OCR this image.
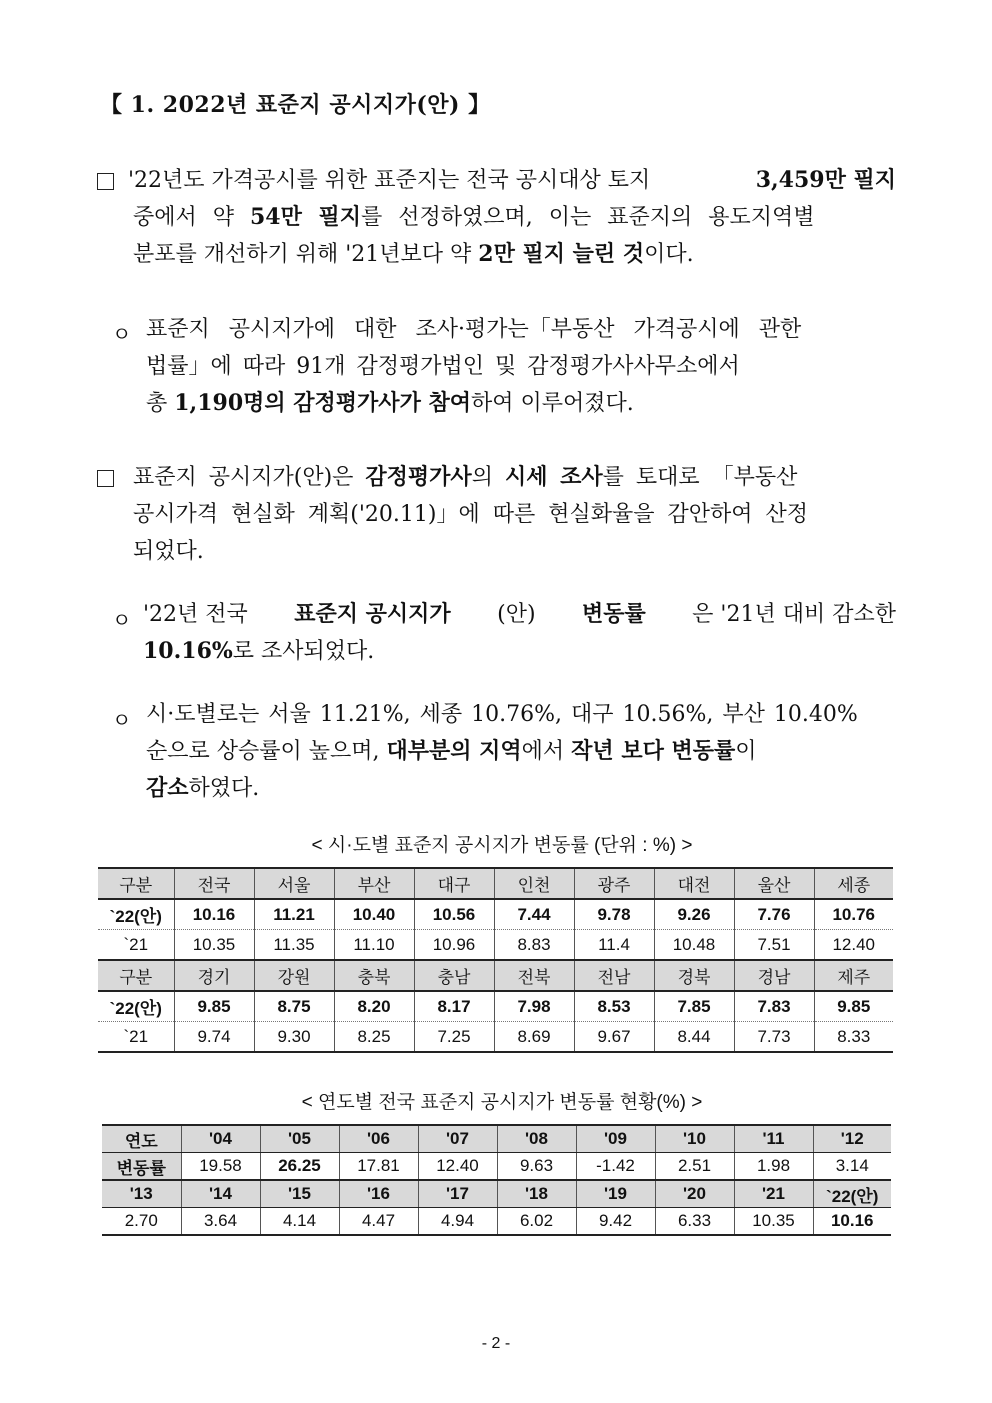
【 1. 2022년 표준지 공시지가(안) 】
'22년도 가격공시를 위한 표준지는 전국 공시대상 토지	3,459만 필지
중에서 약 54만 필지를 선정하였으며, 이는 표준지의 용도지역별
분포를 개선하기 위해 '21년보다 약 2만 필지 늘린 것이다.
ㅇ 표준지 공시지가에 대한 조사·평가는「부동산 가격공시에 관한
법률」에 따라 91개 감정평가법인 및 감정평가사사무소에서
총 1,190명의 감정평가사가 참여하여 이루어졌다.
표준지 공시지가(안)은 감정평가사의 시세 조사를 토대로 「부동산
공시가격 현실화 계획('20.11)」에 따른 현실화율을 감안하여 산정
되었다.
ㅇ '22년 전국 표준지 공시지가 (안) 변동률 은 '21년 대비 감소한
10.16%로 조사되었다.
ㅇ 시·도별로는 서울 11.21%, 세종 10.76%, 대구 10.56%, 부산 10.40%
순으로 상승률이 높으며, 대부분의 지역에서 작년 보다 변동률이
감소하였다.
< 시·도별 표준지 공시지가 변동률 (단위 : %) >
구분	전국	서울	부산	대구	인천	광주	대전	울산	세종
`22(안)	10.16	11.21	10.40	10.56	7.44	9.78	9.26	7.76	10.76
`21	10.35	11.35	11.10	10.96	8.83	11.4	10.48	7.51	12.40
구분	경기	강원	충북	충남	전북	전남	경북	경남	제주
`22(안)	9.85	8.75	8.20	8.17	7.98	8.53	7.85	7.83	9.85
`21	9.74	9.30	8.25	7.25	8.69	9.67	8.44	7.73	8.33
< 연도별 전국 표준지 공시지가 변동률 현황(%) >
연도	'04	'05	'06	'07	'08	'09	'10	'11	'12
변동률	19.58	26.25	17.81	12.40	9.63	-1.42	2.51	1.98	3.14
'13	'14	'15	'16	'17	'18	'19	'20	'21	`22(안)
2.70	3.64	4.14	4.47	4.94	6.02	9.42	6.33	10.35	10.16
- 2 -
